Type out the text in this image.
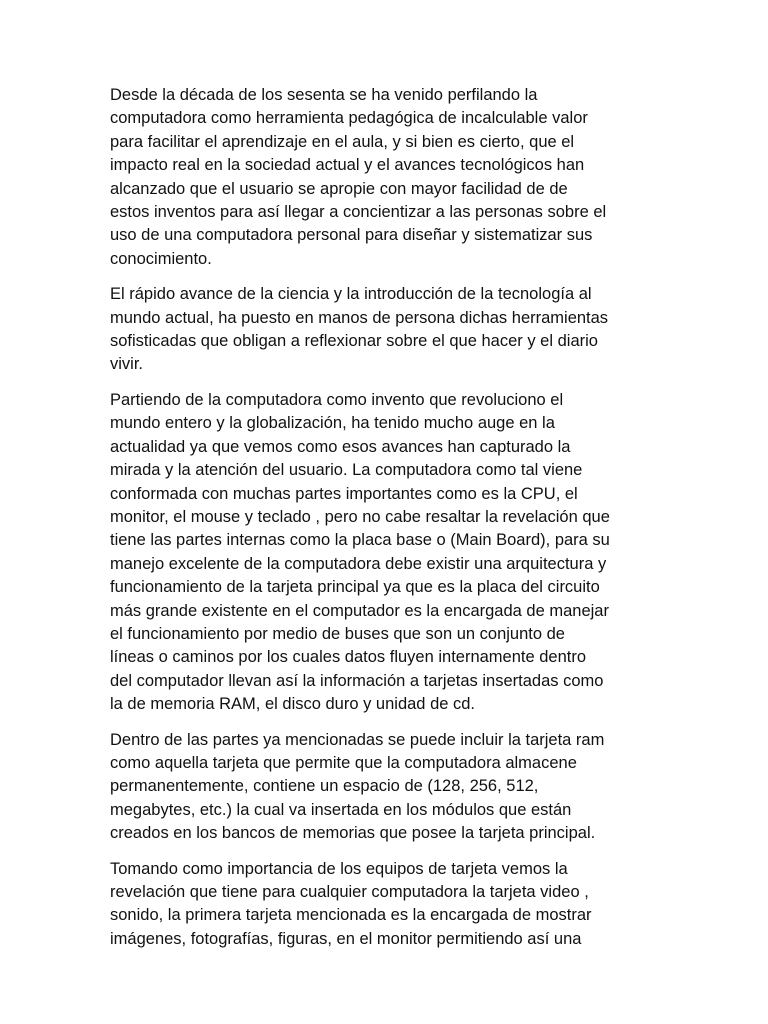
Desde la década de los sesenta se ha venido perfilando la
computadora como herramienta pedagógica de incalculable valor
para facilitar el aprendizaje en el aula, y si bien es cierto, que el
impacto real en la sociedad actual y el avances tecnológicos han
alcanzado que el usuario se apropie con mayor facilidad de de
estos inventos para así llegar a concientizar a las personas sobre el
uso de una computadora personal para diseñar y sistematizar sus
conocimiento.

El rápido avance de la ciencia y la introducción de la tecnología al
mundo actual, ha puesto en manos de persona dichas herramientas
sofisticadas que obligan a reflexionar sobre el que hacer y el diario
vivir.

Partiendo de la computadora como invento que revoluciono el
mundo entero y la globalización, ha tenido mucho auge en la
actualidad ya que vemos como esos avances han capturado la
mirada y la atención del usuario. La computadora como tal viene
conformada con muchas partes importantes como es la CPU, el
monitor, el mouse y teclado , pero no cabe resaltar la revelación que
tiene las partes internas como la placa base o (Main Board), para su
manejo excelente de la computadora debe existir una arquitectura y
funcionamiento de la tarjeta principal ya que es la placa del circuito
más grande existente en el computador es la encargada de manejar
el funcionamiento por medio de buses que son un conjunto de
líneas o caminos por los cuales datos fluyen internamente dentro
del computador llevan así la información a tarjetas insertadas como
la de memoria RAM, el disco duro y unidad de cd.

Dentro de las partes ya mencionadas se puede incluir la tarjeta ram
como aquella tarjeta que permite que la computadora almacene
permanentemente, contiene un espacio de (128, 256, 512,
megabytes, etc.) la cual va insertada en los módulos que están
creados en los bancos de memorias que posee la tarjeta principal.

Tomando como importancia de los equipos de tarjeta vemos la
revelación que tiene para cualquier computadora la tarjeta video ,
sonido, la primera tarjeta mencionada es la encargada de mostrar
imágenes, fotografías, figuras, en el monitor permitiendo así una
